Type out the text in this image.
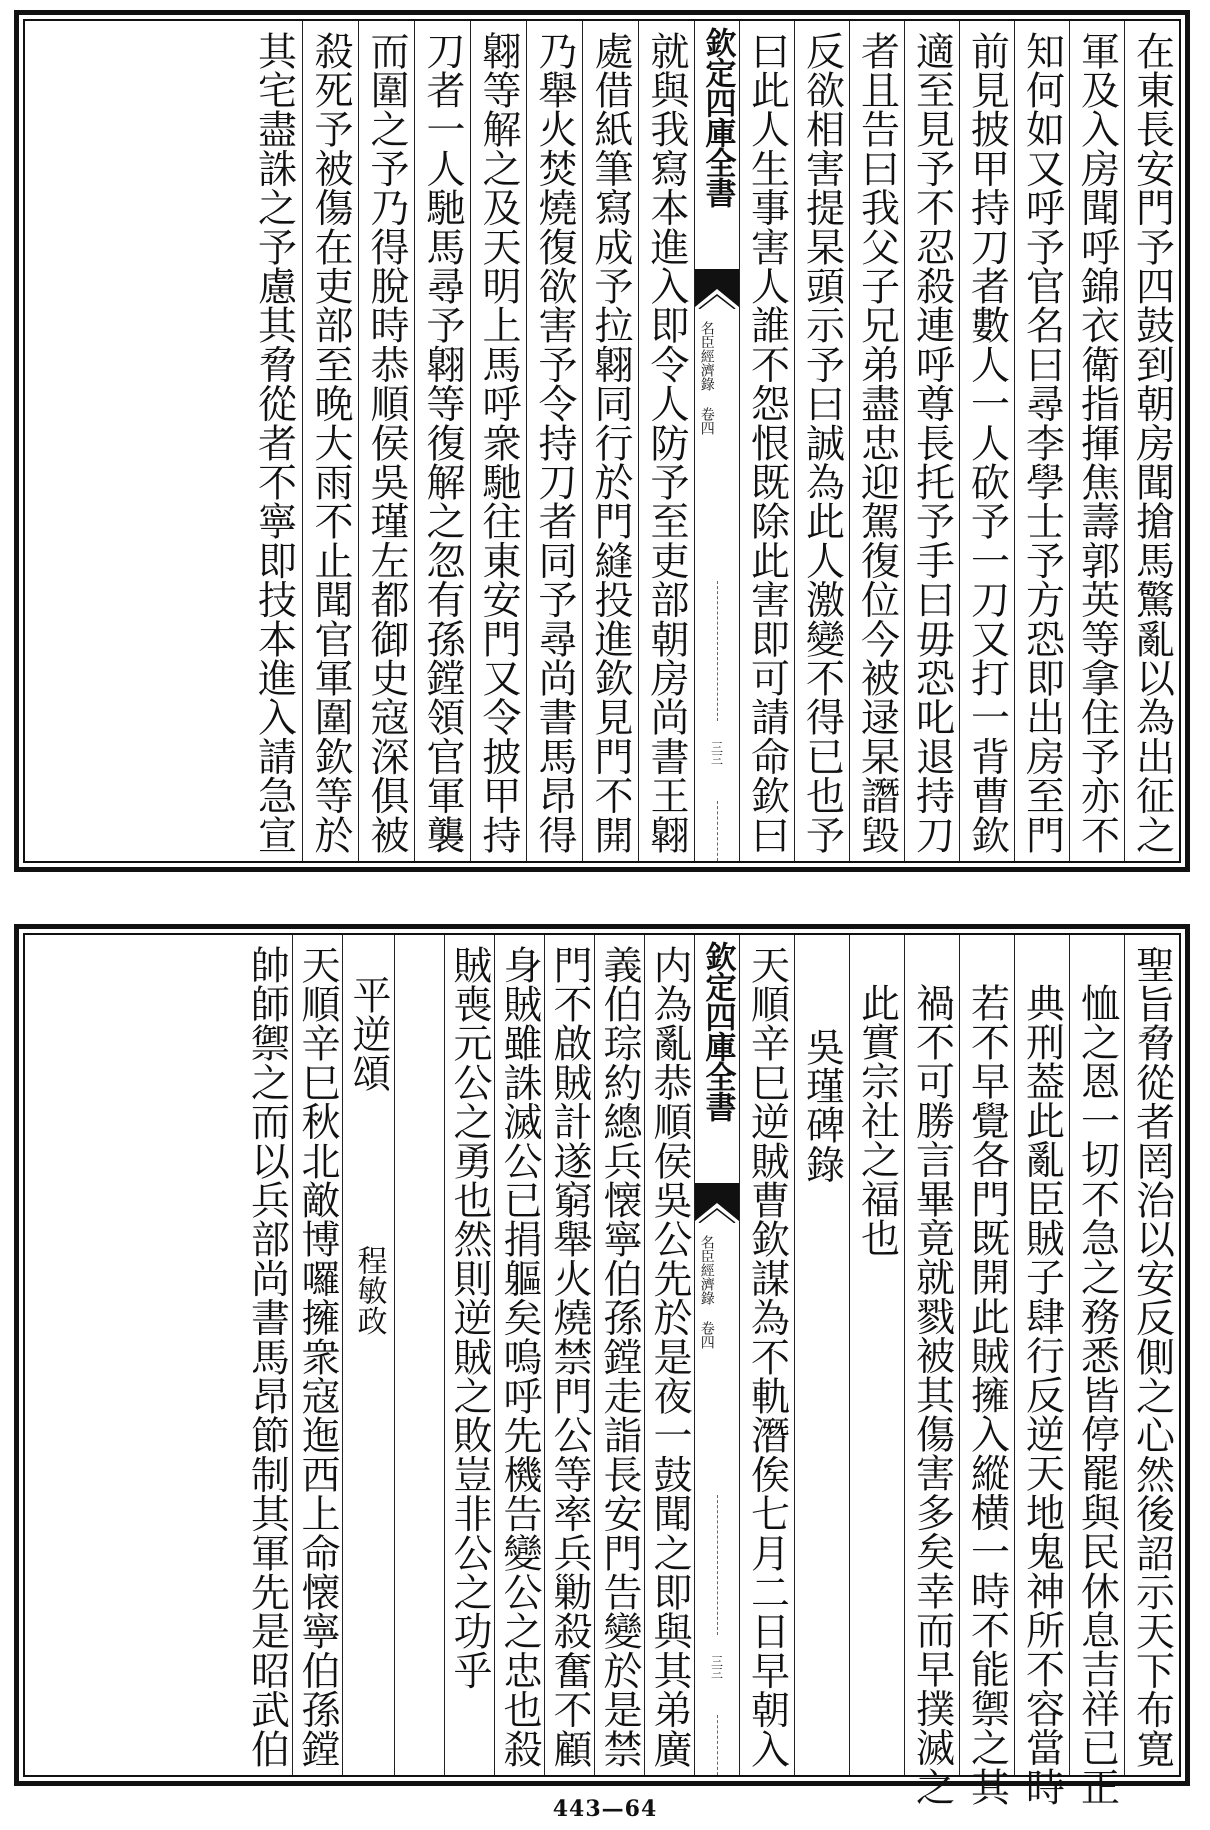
在東長安門予四鼓到朝房聞搶馬驚亂以為出征之
軍及入房聞呼錦衣衛指揮焦壽郭英等拿住予亦不
知何如又呼予官名曰尋李學士予方恐即出房至門
前見披甲持刀者數人一人砍予一刀又打一背曹欽
適至見予不忍殺連呼尊長托予手曰毋恐叱退持刀
者且告曰我父子兄弟盡忠迎駕復位今被逯杲譖毀
反欲相害提杲頭示予曰誠為此人激變不得已也予
曰此人生事害人誰不怨恨既除此害即可請命欽曰
欽定四庫全書
名臣經濟錄 卷四
三三
就與我寫本進入即令人防予至吏部朝房尚書王翺
處借紙筆寫成予拉翺同行於門縫投進欽見門不開
乃舉火焚燒復欲害予令持刀者同予尋尚書馬昂得
翺等解之及天明上馬呼衆馳往東安門又令披甲持
刀者一人馳馬尋予翺等復解之忽有孫鏜領官軍襲
而圍之予乃得脫時恭順侯吳瑾左都御史寇深俱被
殺死予被傷在吏部至晚大雨不止聞官軍圍欽等於
其宅盡誅之予慮其脅從者不寧即技本進入請急宣
聖旨脅從者罔治以安反側之心然後詔示天下布寛
恤之恩一切不急之務悉皆停罷與民休息吉祥已正
典刑葢此亂臣賊子肆行反逆天地鬼神所不容當時
若不早覺各門既開此賊擁入縱横一時不能禦之其
禍不可勝言畢竟就戮被其傷害多矣幸而早撲滅之
此實宗社之福也
吳瑾碑錄
天順辛巳逆賊曹欽謀為不軌潛俟七月二日早朝入
欽定四庫全書
名臣經濟錄 卷四
三三
内為亂恭順侯吳公先於是夜一鼓聞之即與其弟廣
義伯琮約總兵懐寧伯孫鏜走詣長安門告變於是禁
門不啟賊計遂窮舉火燒禁門公等率兵勦殺奮不顧
身賊雖誅滅公已捐軀矣嗚呼先機告變公之忠也殺
賊喪元公之勇也然則逆賊之敗豈非公之功乎
平逆頌
程敏政
天順辛巳秋北敵博囉擁衆寇迤西上命懐寧伯孫鏜
帥師禦之而以兵部尚書馬昂節制其軍先是昭武伯
443—64
